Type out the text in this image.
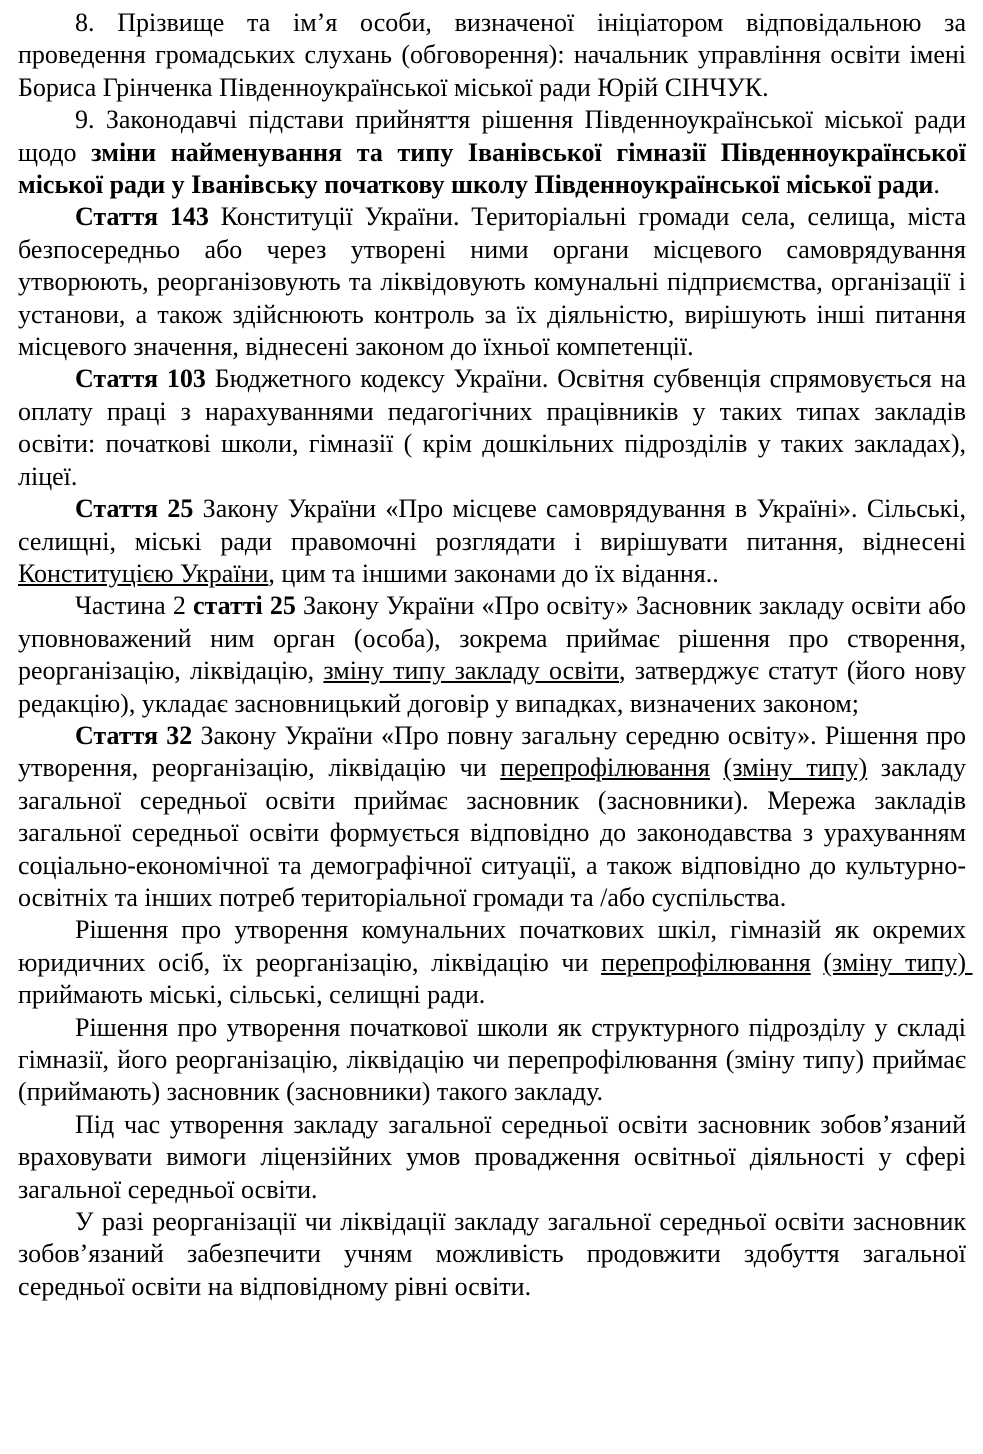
8. Прізвище та ім’я особи, визначеної ініціатором відповідальною за проведення громадських слухань (обговорення): начальник управління освіти імені Бориса Грінченка Південноукраїнської міської ради Юрій СІНЧУК.

9. Законодавчі підстави прийняття рішення Південноукраїнської міської ради щодо зміни найменування та типу Іванівської гімназії Південноукраїнської міської ради у Іванівську початкову школу Південноукраїнської міської ради.

Стаття 143 Конституції України. Територіальні громади села, селища, міста безпосередньо або через утворені ними органи місцевого самоврядування утворюють, реорганізовують та ліквідовують комунальні підприємства, організації і установи, а також здійснюють контроль за їх діяльністю, вирішують інші питання місцевого значення, віднесені законом до їхньої компетенції.

Стаття 103 Бюджетного кодексу України. Освітня субвенція спрямовується на оплату праці з нарахуваннями педагогічних працівників у таких типах закладів освіти: початкові школи, гімназії ( крім дошкільних підрозділів у таких закладах), ліцеї.

Стаття 25 Закону України «Про місцеве самоврядування в Україні». Сільські, селищні, міські ради правомочні розглядати і вирішувати питання, віднесені Конституцією України, цим та іншими законами до їх відання..

Частина 2 статті 25 Закону України «Про освіту» Засновник закладу освіти або уповноважений ним орган (особа), зокрема приймає рішення про створення, реорганізацію, ліквідацію, зміну типу закладу освіти, затверджує статут (його нову редакцію), укладає засновницький договір у випадках, визначених законом;

Стаття 32 Закону України «Про повну загальну середню освіту». Рішення про утворення, реорганізацію, ліквідацію чи перепрофілювання (зміну типу) закладу загальної середньої освіти приймає засновник (засновники). Мережа закладів загальної середньої освіти формується відповідно до законодавства з урахуванням соціально-економічної та демографічної ситуації, а також відповідно до культурно-освітніх та інших потреб територіальної громади та /або суспільства.

Рішення про утворення комунальних початкових шкіл, гімназій як окремих юридичних осіб, їх реорганізацію, ліквідацію чи перепрофілювання (зміну типу) приймають міські, сільські, селищні ради.

Рішення про утворення початкової школи як структурного підрозділу у складі гімназії, його реорганізацію, ліквідацію чи перепрофілювання (зміну типу) приймає (приймають) засновник (засновники) такого закладу.

Під час утворення закладу загальної середньої освіти засновник зобов’язаний враховувати вимоги ліцензійних умов провадження освітньої діяльності у сфері загальної середньої освіти.

У разі реорганізації чи ліквідації закладу загальної середньої освіти засновник зобов’язаний забезпечити учням можливість продовжити здобуття загальної середньої освіти на відповідному рівні освіти.
